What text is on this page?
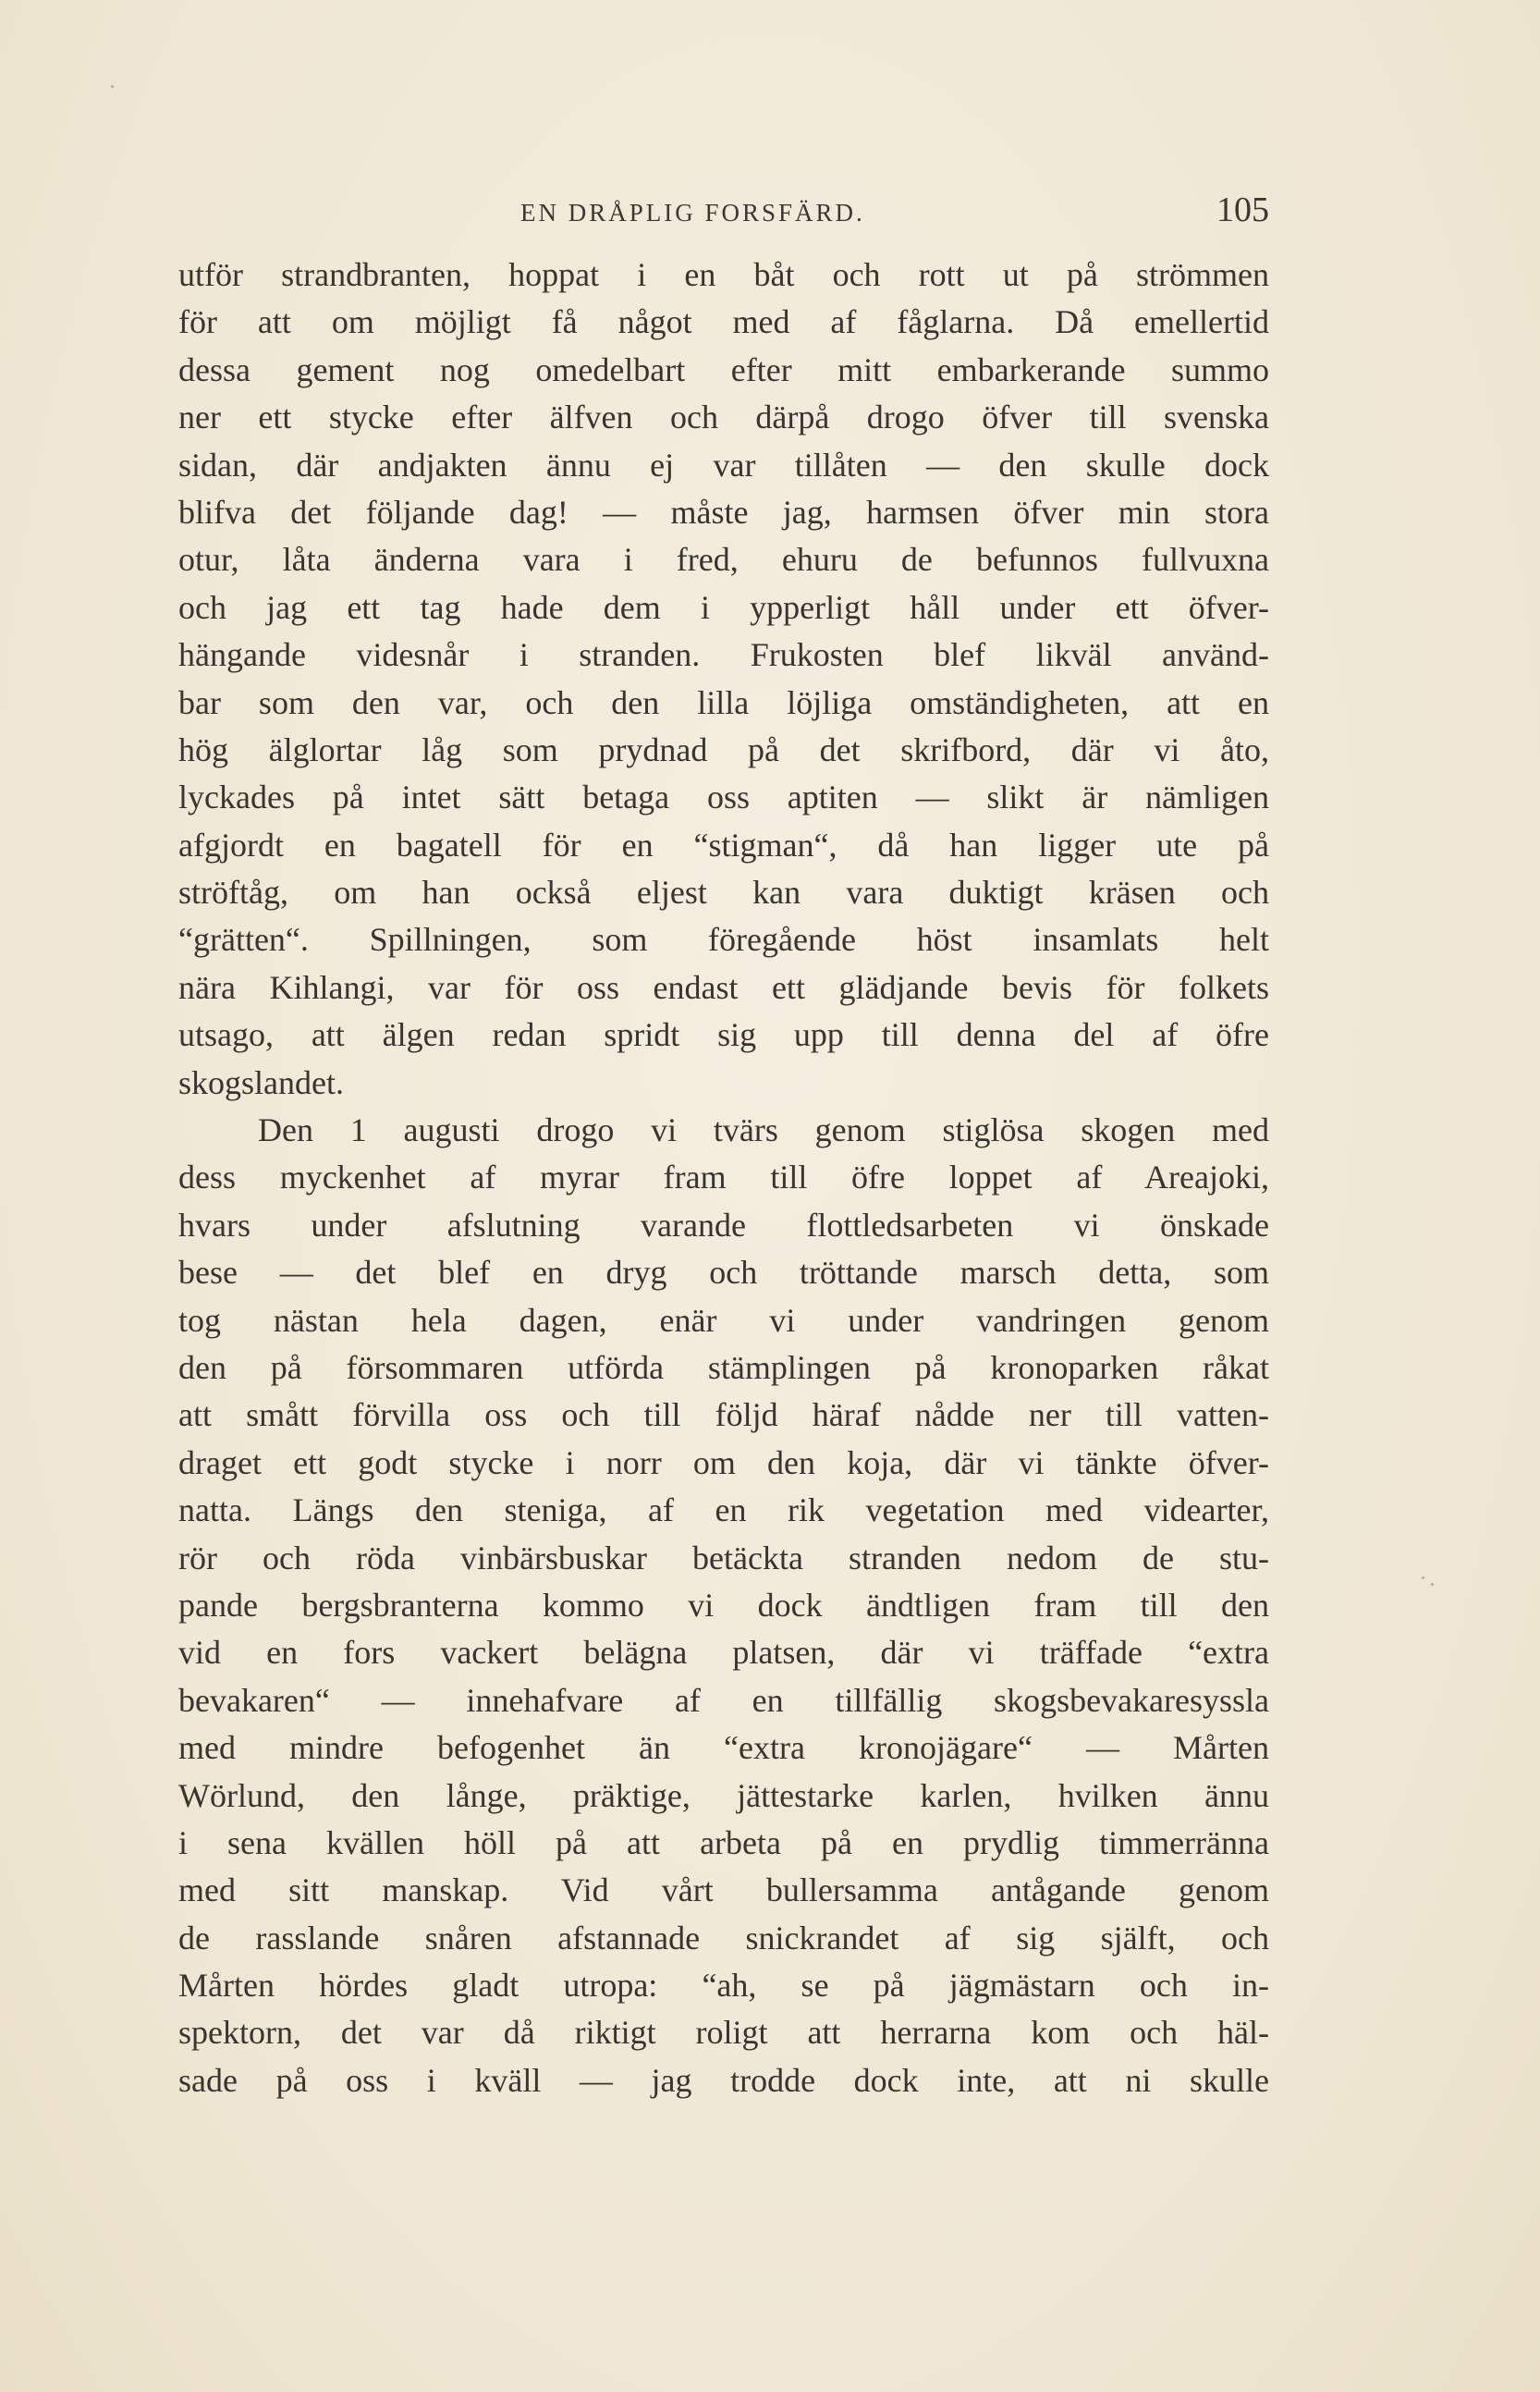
EN DRÅPLIG FORSFÄRD.	105
utför strandbranten, hoppat i en båt och rott ut på strömmen
för att om möjligt få något med af fåglarna. Då emellertid
dessa gement nog omedelbart efter mitt embarkerande summo
ner ett stycke efter älfven och därpå drogo öfver till svenska
sidan, där andjakten ännu ej var tillåten — den skulle dock
blifva det följande dag! — måste jag, harmsen öfver min stora
otur, låta änderna vara i fred, ehuru de befunnos fullvuxna
och jag ett tag hade dem i ypperligt håll under ett öfver-
hängande videsnår i stranden. Frukosten blef likväl använd-
bar som den var, och den lilla löjliga omständigheten, att en
hög älglortar låg som prydnad på det skrifbord, där vi åto,
lyckades på intet sätt betaga oss aptiten — slikt är nämligen
afgjordt en bagatell för en “stigman“, då han ligger ute på
ströftåg, om han också eljest kan vara duktigt kräsen och
“grätten“. Spillningen, som föregående höst insamlats helt
nära Kihlangi, var för oss endast ett glädjande bevis för folkets
utsago, att älgen redan spridt sig upp till denna del af öfre
skogslandet.
Den 1 augusti drogo vi tvärs genom stiglösa skogen med
dess myckenhet af myrar fram till öfre loppet af Areajoki,
hvars under afslutning varande flottledsarbeten vi önskade
bese — det blef en dryg och tröttande marsch detta, som
tog nästan hela dagen, enär vi under vandringen genom
den på försommaren utförda stämplingen på kronoparken råkat
att smått förvilla oss och till följd häraf nådde ner till vatten-
draget ett godt stycke i norr om den koja, där vi tänkte öfver-
natta. Längs den steniga, af en rik vegetation med videarter,
rör och röda vinbärsbuskar betäckta stranden nedom de stu-
pande bergsbranterna kommo vi dock ändtligen fram till den
vid en fors vackert belägna platsen, där vi träffade “extra
bevakaren“ — innehafvare af en tillfällig skogsbevakaresyssla
med mindre befogenhet än “extra kronojägare“ — Mårten
Wörlund, den långe, präktige, jättestarke karlen, hvilken ännu
i sena kvällen höll på att arbeta på en prydlig timmerränna
med sitt manskap. Vid vårt bullersamma antågande genom
de rasslande snåren afstannade snickrandet af sig själft, och
Mårten hördes gladt utropa: “ah, se på jägmästarn och in-
spektorn, det var då riktigt roligt att herrarna kom och häl-
sade på oss i kväll — jag trodde dock inte, att ni skulle
